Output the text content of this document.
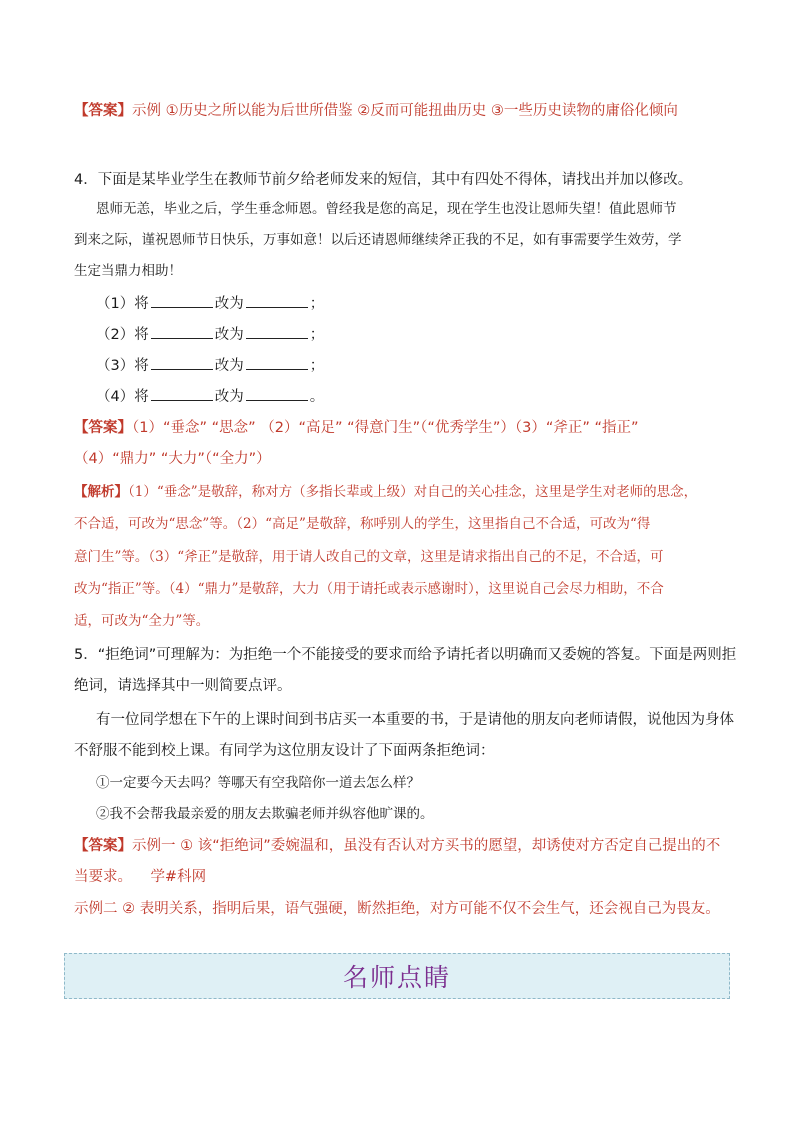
【答案】示例 ①历史之所以能为后世所借鉴 ②反而可能扭曲历史 ③一些历史读物的庸俗化倾向
4．下面是某毕业学生在教师节前夕给老师发来的短信，其中有四处不得体，请找出并加以修改。
恩师无恙，毕业之后，学生垂念师恩。曾经我是您的高足，现在学生也没让恩师失望！值此恩师节
到来之际，谨祝恩师节日快乐，万事如意！以后还请恩师继续斧正我的不足，如有事需要学生效劳，学
生定当鼎力相助！
（1）将	改为	；
（2）将	改为	；
（3）将	改为	；
（4）将	改为	。
【答案】（1）“垂念” “思念” （2）“高足” “得意门生”（“优秀学生”）（3）“斧正” “指正”
（4）“鼎力” “大力”（“全力”）
【解析】（1）“垂念”是敬辞，称对方（多指长辈或上级）对自己的关心挂念，这里是学生对老师的思念，
不合适，可改为“思念”等。（2）“高足”是敬辞，称呼别人的学生，这里指自己不合适，可改为“得
意门生”等。（3）“斧正”是敬辞，用于请人改自己的文章，这里是请求指出自己的不足，不合适，可
改为“指正”等。（4）“鼎力”是敬辞，大力（用于请托或表示感谢时），这里说自己会尽力相助，不合
适，可改为“全力”等。
5．“拒绝词”可理解为：为拒绝一个不能接受的要求而给予请托者以明确而又委婉的答复。下面是两则拒
绝词，请选择其中一则简要点评。
有一位同学想在下午的上课时间到书店买一本重要的书，于是请他的朋友向老师请假，说他因为身体
不舒服不能到校上课。有同学为这位朋友设计了下面两条拒绝词：
①一定要今天去吗？等哪天有空我陪你一道去怎么样？
②我不会帮我最亲爱的朋友去欺骗老师并纵容他旷课的。
【答案】示例一 ① 该“拒绝词”委婉温和，虽没有否认对方买书的愿望，却诱使对方否定自己提出的不
当要求。 学#科网
示例二 ② 表明关系，指明后果，语气强硬，断然拒绝，对方可能不仅不会生气，还会视自己为畏友。
名师点睛
